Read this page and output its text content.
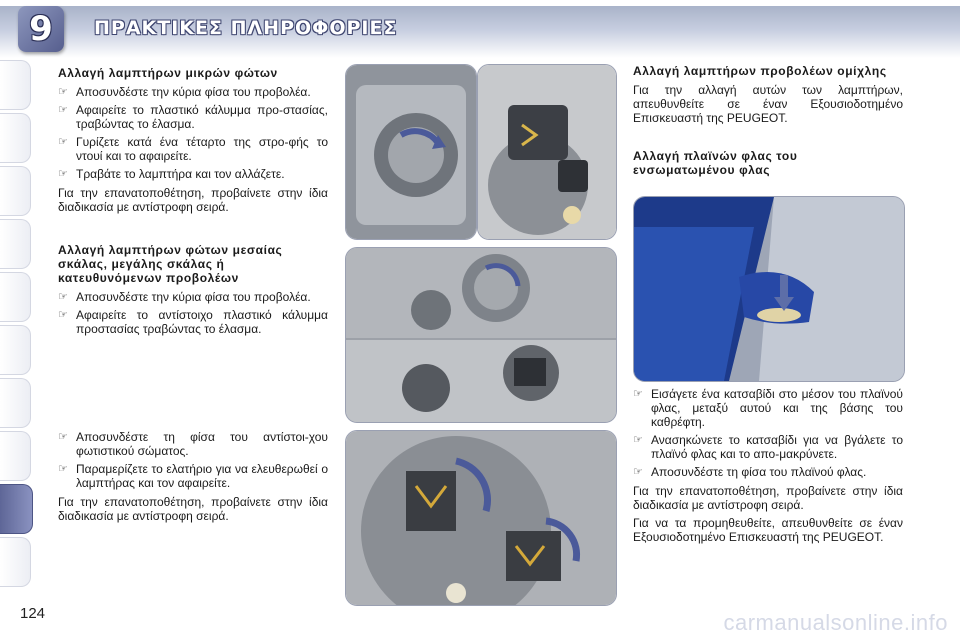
9 ΠΡΑΚΤΙΚΕΣ ΠΛΗΡΟΦΟΡΙΕΣ
Αλλαγή λαμπτήρων μικρών φώτων
☞ Αποσυνδέστε την κύρια φίσα του προβολέα.
☞ Αφαιρείτε το πλαστικό κάλυμμα προ-στασίας, τραβώντας το έλασμα.
☞ Γυρίζετε κατά ένα τέταρτο της στρο-φής το ντουί και το αφαιρείτε.
☞ Τραβάτε το λαμπτήρα και τον αλλάζετε.

Για την επανατοποθέτηση, προβαίνετε στην ίδια διαδικασία με αντίστροφη σειρά.

Αλλαγή λαμπτήρων φώτων μεσαίας σκάλας, μεγάλης σκάλας ή κατευθυνόμενων προβολέων
☞ Αποσυνδέστε την κύρια φίσα του προβολέα.
☞ Αφαιρείτε το αντίστοιχο πλαστικό κάλυμμα προστασίας τραβώντας το έλασμα.
☞ Αποσυνδέστε τη φίσα του αντίστοι-χου φωτιστικού σώματος.
☞ Παραμερίζετε το ελατήριο για να ελευθερωθεί ο λαμπτήρας και τον αφαιρείτε.

Για την επανατοποθέτηση, προβαίνετε στην ίδια διαδικασία με αντίστροφη σειρά.

Αλλαγή λαμπτήρων προβολέων ομίχλης

Για την αλλαγή αυτών των λαμπτήρων, απευθυνθείτε σε έναν Εξουσιοδοτημένο Επισκευαστή της PEUGEOT.

Αλλαγή πλαϊνών φλας του ενσωματωμένου φλας
☞ Εισάγετε ένα κατσαβίδι στο μέσον του πλαϊνού φλας, μεταξύ αυτού και της βάσης του καθρέφτη.
☞ Ανασηκώνετε το κατσαβίδι για να βγάλετε το πλαϊνό φλας και το απο-μακρύνετε.
☞ Αποσυνδέστε τη φίσα του πλαϊνού φλας.

Για την επανατοποθέτηση, προβαίνετε στην ίδια διαδικασία με αντίστροφη σειρά.

Για να τα προμηθευθείτε, απευθυνθείτε σε έναν Εξουσιοδοτημένο Επισκευαστή της PEUGEOT.

124	carmanualsonline.info
